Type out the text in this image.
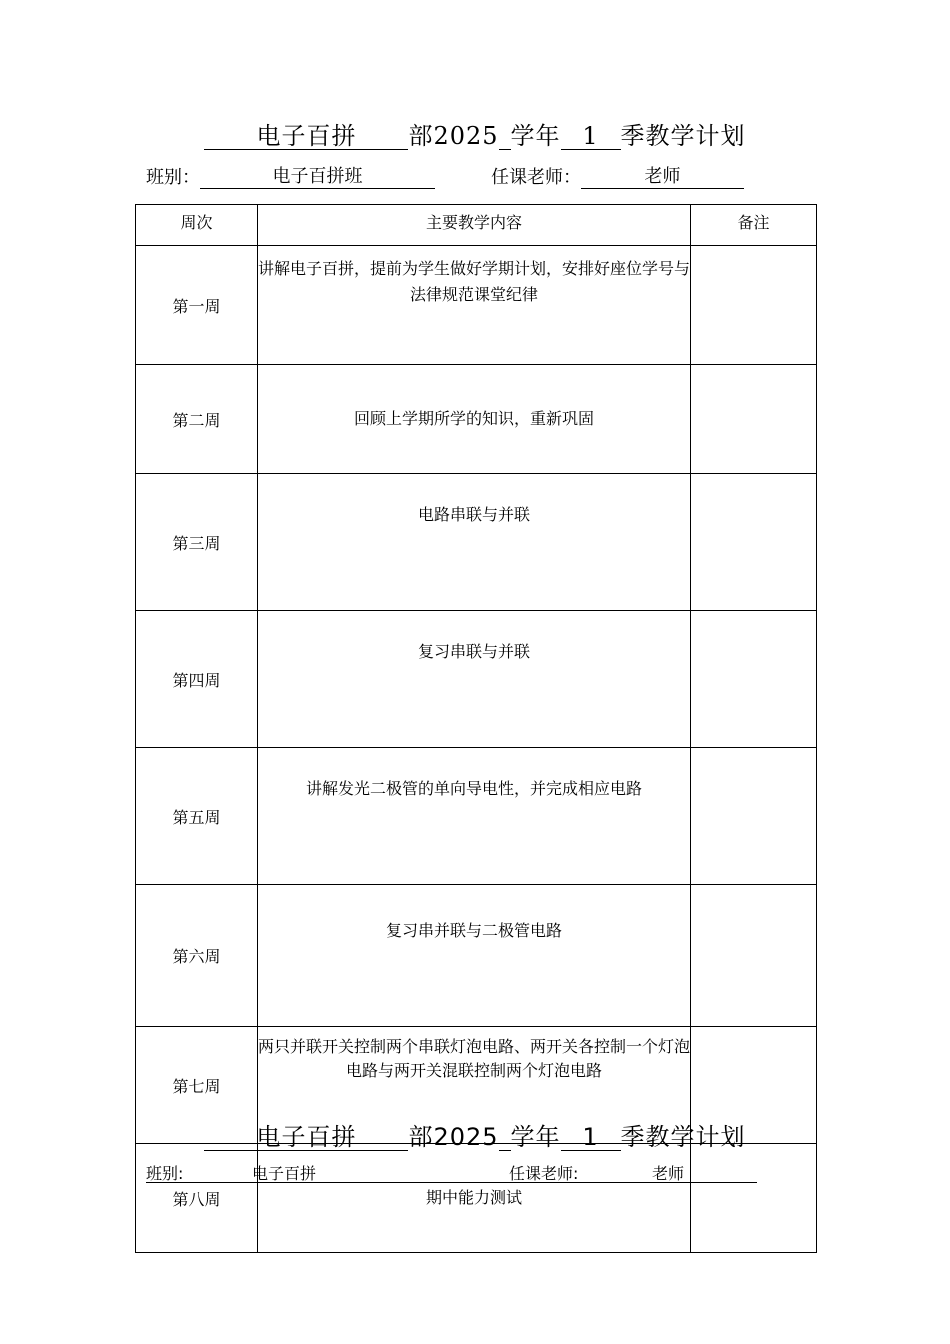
电子百拼 部2025 学年 1 季教学计划
班别：	电子百拼班	任课老师：	老师
周次	主要教学内容	备注
第一周	讲解电子百拼，提前为学生做好学期计划，安排好座位学号与法律规范课堂纪律	
第二周	回顾上学期所学的知识，重新巩固	
第三周	电路串联与并联	
第四周	复习串联与并联	
第五周	讲解发光二极管的单向导电性，并完成相应电路	
第六周	复习串并联与二极管电路	
第七周	两只并联开关控制两个串联灯泡电路、两开关各控制一个灯泡电路与两开关混联控制两个灯泡电路	
第八周	期中能力测试	
电子百拼 部2025 学年 1 季教学计划
班别:	电子百拼	任课老师:	老师
